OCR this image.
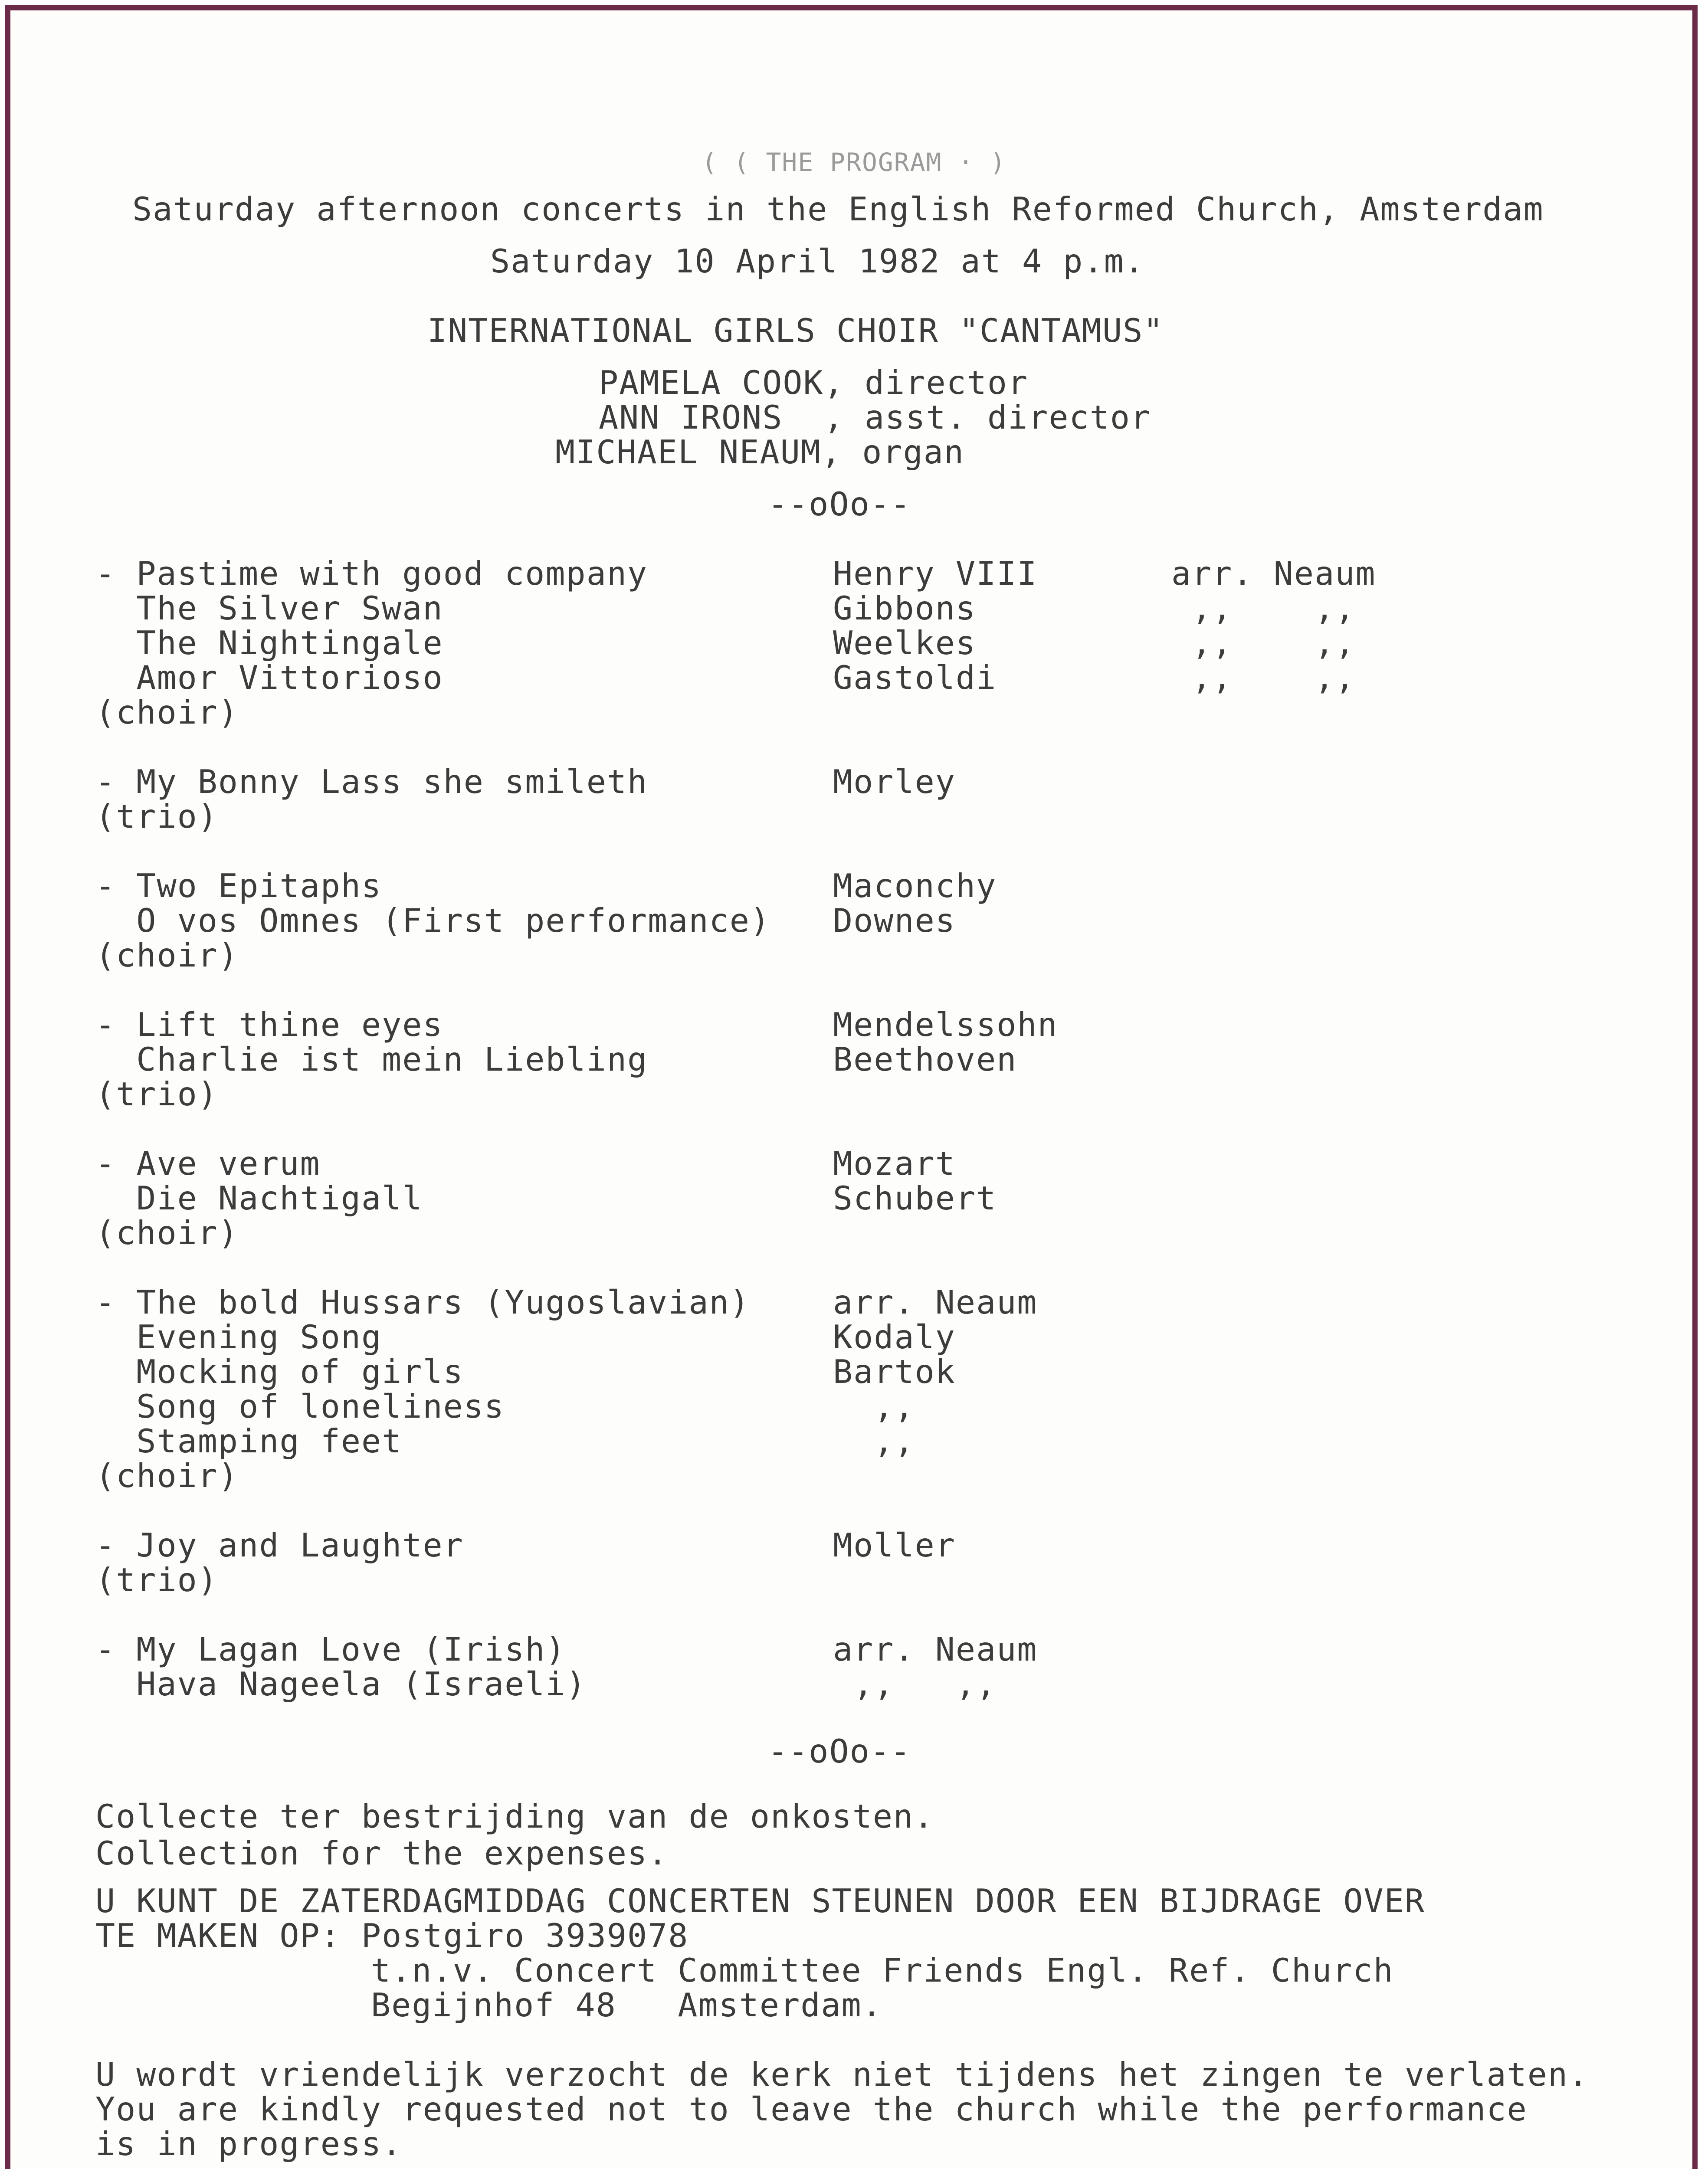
( ( THE PROGRAM · )
Saturday afternoon concerts in the English Reformed Church, Amsterdam
Saturday 10 April 1982 at 4 p.m.
INTERNATIONAL GIRLS CHOIR "CANTAMUS"
PAMELA COOK, director
ANN IRONS  , asst. director
MICHAEL NEAUM, organ
--oOo--
- Pastime with good company	Henry VIII	arr. Neaum
The Silver Swan	Gibbons	,,    ,,
The Nightingale	Weelkes	,,    ,,
Amor Vittorioso	Gastoldi	,,    ,,
(choir)
- My Bonny Lass she smileth	Morley
(trio)
- Two Epitaphs	Maconchy
O vos Omnes (First performance) Downes
(choir)
- Lift thine eyes	Mendelssohn
Charlie ist mein Liebling	Beethoven
(trio)
- Ave verum	Mozart
Die Nachtigall	Schubert
(choir)
- The bold Hussars (Yugoslavian)	arr. Neaum
Evening Song	Kodaly
Mocking of girls	Bartok
Song of loneliness	,,
Stamping feet	,,
(choir)
- Joy and Laughter	Moller
(trio)
- My Lagan Love (Irish)	arr. Neaum
Hava Nageela (Israeli)	,,   ,,
--oOo--
Collecte ter bestrijding van de onkosten.
Collection for the expenses.
U KUNT DE ZATERDAGMIDDAG CONCERTEN STEUNEN DOOR EEN BIJDRAGE OVER
TE MAKEN OP: Postgiro 3939078
t.n.v. Concert Committee Friends Engl. Ref. Church
Begijnhof 48   Amsterdam.
U wordt vriendelijk verzocht de kerk niet tijdens het zingen te verlaten.
You are kindly requested not to leave the church while the performance
is in progress.
